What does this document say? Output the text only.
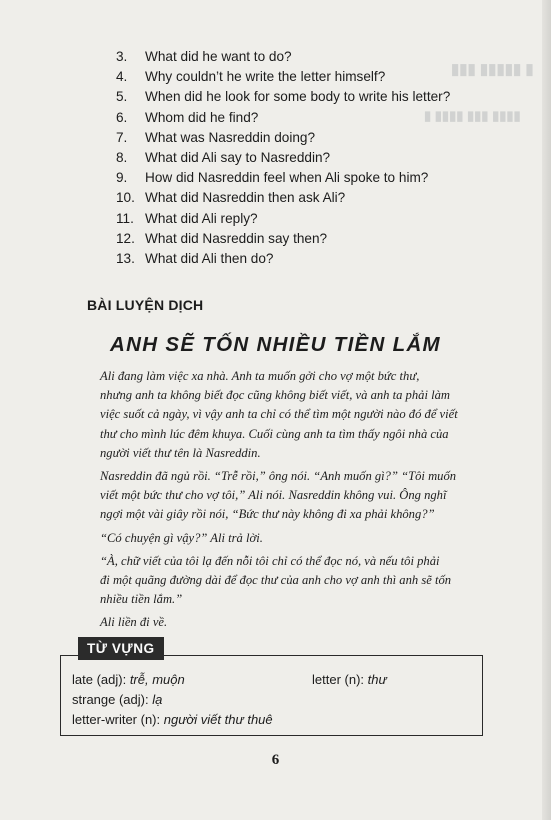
▮▮▮ ▮▮▮▮▮ ▮
▮ ▮▮▮▮ ▮▮▮ ▮▮▮▮
3.	What did he want to do?
4.	Why couldn’t he write the letter himself?
5.	When did he look for some body to write his letter?
6.	Whom did he find?
7.	What was Nasreddin doing?
8.	What did Ali say to Nasreddin?
9.	How did Nasreddin feel when Ali spoke to him?
10. What did Nasreddin then ask Ali?
11. What did Ali reply?
12. What did Nasreddin say then?
13. What did Ali then do?
BÀI LUYỆN DỊCH
ANH SẼ TỐN NHIỀU TIỀN LẮM

Ali đang làm việc xa nhà. Anh ta muốn gởi cho vợ một bức thư,
nhưng anh ta không biết đọc cũng không biết viết, và anh ta phải làm
việc suốt cả ngày, vì vậy anh ta chỉ có thể tìm một người nào đó để viết
thư cho mình lúc đêm khuya. Cuối cùng anh ta tìm thấy ngôi nhà của
người viết thư tên là Nasreddin.

Nasreddin đã ngủ rồi. “Trễ rồi,” ông nói. “Anh muốn gì?” “Tôi muốn
viết một bức thư cho vợ tôi,” Ali nói. Nasreddin không vui. Ông nghĩ
ngợi một vài giây rồi nói, “Bức thư này không đi xa phải không?”

“Có chuyện gì vậy?” Ali trả lời.

“À, chữ viết của tôi lạ đến nỗi tôi chỉ có thể đọc nó, và nếu tôi phải
đi một quãng đường dài để đọc thư của anh cho vợ anh thì anh sẽ tốn
nhiều tiền lắm.”

Ali liền đi về.

late (adj): trễ, muộn	letter (n): thư
strange (adj): lạ
letter-writer (n): người viết thư thuê
TỪ VỰNG
6
